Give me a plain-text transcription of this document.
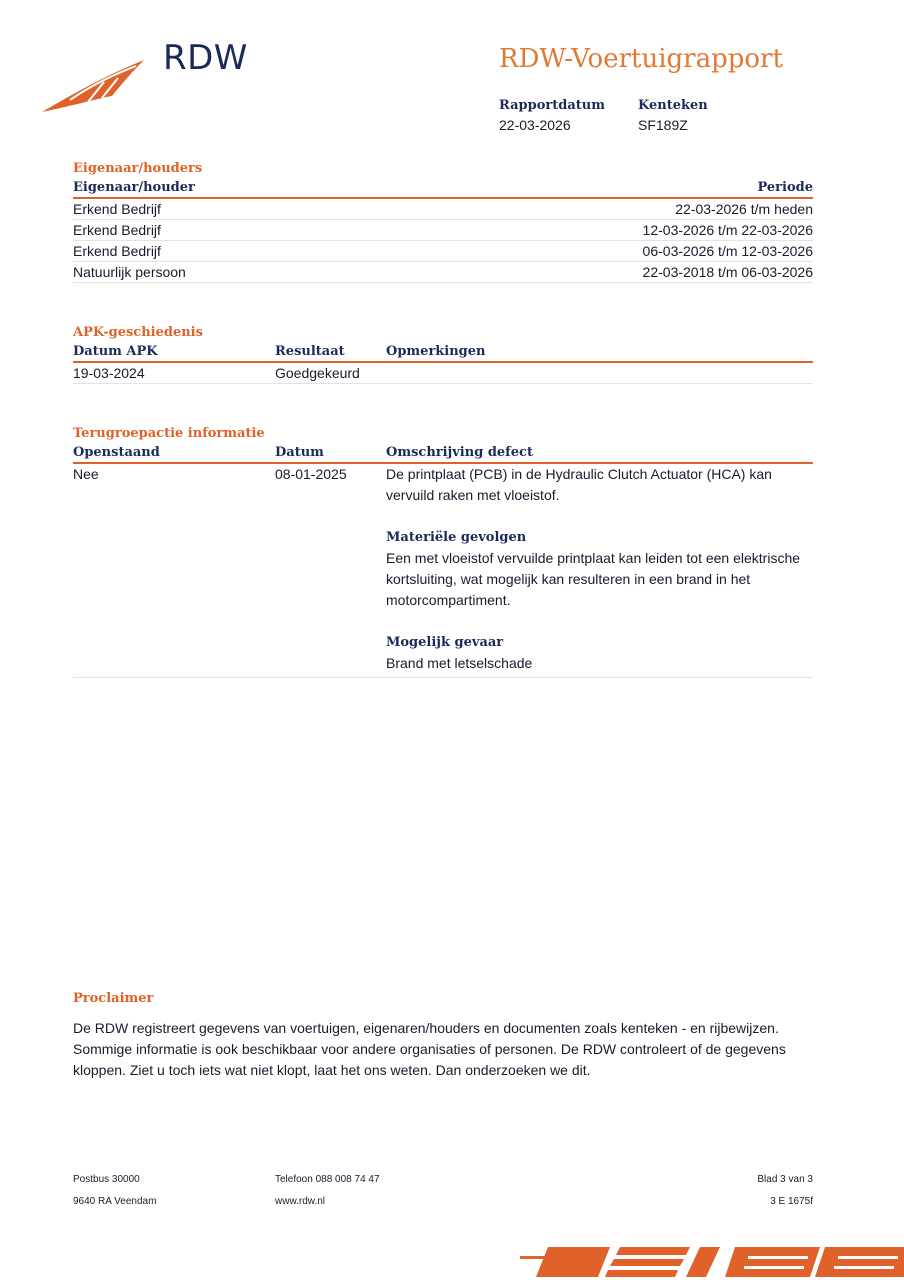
RDW	RDW-Voertuigrapport
Rapportdatum
22-03-2026
Kenteken
SF189Z
Eigenaar/houders
Eigenaar/houder	Periode
Erkend Bedrijf	22-03-2026 t/m heden
Erkend Bedrijf	12-03-2026 t/m 22-03-2026
Erkend Bedrijf	06-03-2026 t/m 12-03-2026
Natuurlijk persoon	22-03-2018 t/m 06-03-2026
APK-geschiedenis
Datum APK	Resultaat	Opmerkingen
19-03-2024	Goedgekeurd
Terugroepactie informatie
Openstaand	Datum	Omschrijving defect
Nee	08-01-2025	De printplaat (PCB) in de Hydraulic Clutch Actuator (HCA) kan vervuild raken met vloeistof.
Materiële gevolgen
Een met vloeistof vervuilde printplaat kan leiden tot een elektrische kortsluiting, wat mogelijk kan resulteren in een brand in het motorcompartiment.
Mogelijk gevaar
Brand met letselschade
Proclaimer

De RDW registreert gegevens van voertuigen, eigenaren/houders en documenten zoals kenteken - en rijbewijzen. Sommige informatie is ook beschikbaar voor andere organisaties of personen. De RDW controleert of de gegevens kloppen. Ziet u toch iets wat niet klopt, laat het ons weten. Dan onderzoeken we dit.

Postbus 30000
9640 RA Veendam
Telefoon 088 008 74 47
www.rdw.nl
Blad 3 van 3
3 E 1675f
